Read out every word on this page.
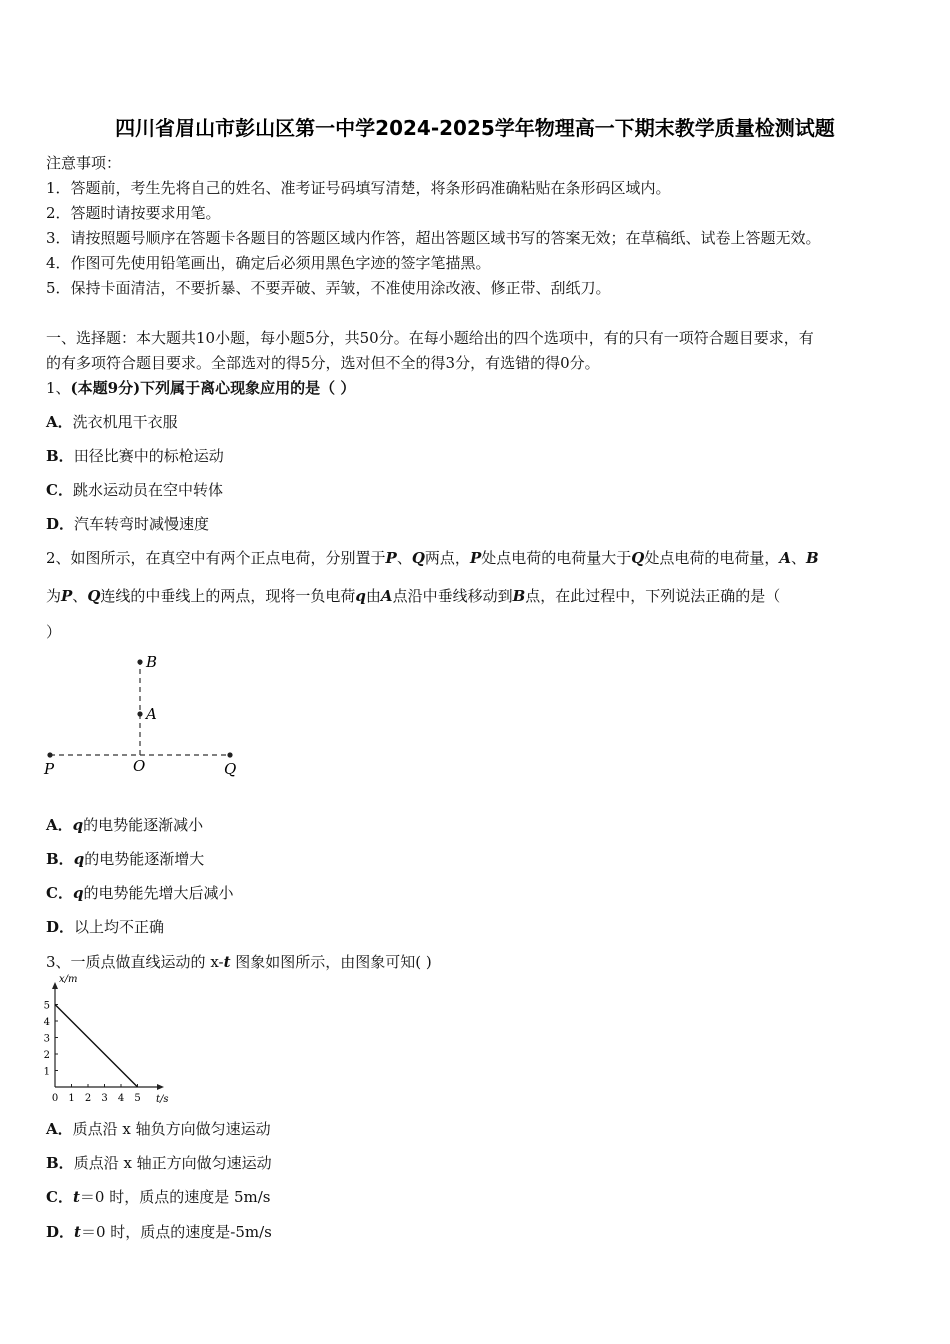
四川省眉山市彭山区第一中学2024-2025学年物理高一下期末教学质量检测试题
注意事项：
1．答题前，考生先将自己的姓名、准考证号码填写清楚，将条形码准确粘贴在条形码区域内。
2．答题时请按要求用笔。
3．请按照题号顺序在答题卡各题目的答题区域内作答，超出答题区域书写的答案无效；在草稿纸、试卷上答题无效。
4．作图可先使用铅笔画出，确定后必须用黑色字迹的签字笔描黑。
5．保持卡面清洁，不要折暴、不要弄破、弄皱，不准使用涂改液、修正带、刮纸刀。
一、选择题：本大题共10小题，每小题5分，共50分。在每小题给出的四个选项中，有的只有一项符合题目要求，有
的有多项符合题目要求。全部选对的得5分，选对但不全的得3分，有选错的得0分。
1、(本题9分)下列属于离心现象应用的是（ ）
A．洗衣机甩干衣服
B．田径比赛中的标枪运动
C．跳水运动员在空中转体
D．汽车转弯时减慢速度
2、如图所示，在真空中有两个正点电荷，分别置于P、Q两点，P处点电荷的电荷量大于Q处点电荷的电荷量，A、B
为P、Q连线的中垂线上的两点，现将一负电荷q由A点沿中垂线移动到B点，在此过程中，下列说法正确的是（
）
B
A
P	O	Q
A．q的电势能逐渐减小
B．q的电势能逐渐增大
C．q的电势能先增大后减小
D．以上均不正确
3、一质点做直线运动的 x-t 图象如图所示，由图象可知( )
0 1 2 3 4 5
1
2
3
4
5
x/m
t/s
A．质点沿 x 轴负方向做匀速运动
B．质点沿 x 轴正方向做匀速运动
C．t＝0 时，质点的速度是 5m/s
D．t＝0 时，质点的速度是-5m/s
